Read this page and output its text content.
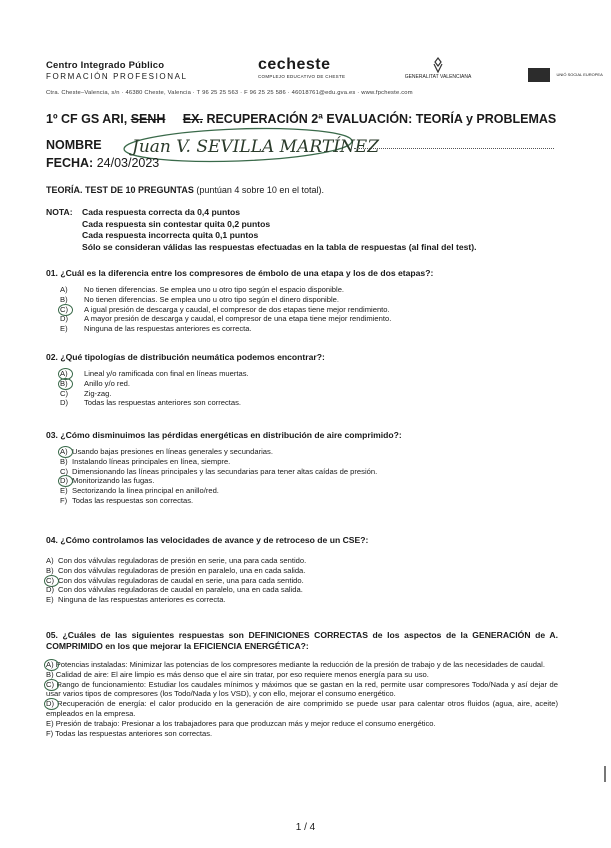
Centro Integrado Público
FORMACIÓN PROFESIONAL
cecheste
COMPLEJO EDUCATIVO DE CHESTE	GENERALITAT VALENCIANA	UNIÓ SOCIAL EUROPEA
Ctra. Cheste–Valencia, s/n · 46380 Cheste, Valencia · T 96 25 25 563 · F 96 25 25 586 · 46018761@edu.gva.es · www.fpcheste.com
1º CF GS ARI, SENH EX. RECUPERACIÓN 2ª EVALUACIÓN: TEORÍA y PROBLEMAS
NOMBRE Juan V. SEVILLA MARTÍNEZ
FECHA: 24/03/2023
TEORÍA. TEST DE 10 PREGUNTAS (puntúan 4 sobre 10 en el total).
NOTA: Cada respuesta correcta da 0,4 puntos
Cada respuesta sin contestar quita 0,2 puntos
Cada respuesta incorrecta quita 0,1 puntos
Sólo se consideran válidas las respuestas efectuadas en la tabla de respuestas (al final del test).
01. ¿Cuál es la diferencia entre los compresores de émbolo de una etapa y los de dos etapas?:
A)	No tienen diferencias. Se emplea uno u otro tipo según el espacio disponible.
B)	No tienen diferencias. Se emplea uno u otro tipo según el dinero disponible.
C)	A igual presión de descarga y caudal, el compresor de dos etapas tiene mejor rendimiento.
D)	A mayor presión de descarga y caudal, el compresor de una etapa tiene mejor rendimiento.
E)	Ninguna de las respuestas anteriores es correcta.
02. ¿Qué tipologías de distribución neumática podemos encontrar?:
A)	Lineal y/o ramificada con final en líneas muertas.
B)	Anillo y/o red.
C)	Zig-zag.
D)	Todas las respuestas anteriores son correctas.
03. ¿Cómo disminuimos las pérdidas energéticas en distribución de aire comprimido?:
A) Usando bajas presiones en líneas generales y secundarias.
B) Instalando líneas principales en línea, siempre.
C) Dimensionando las líneas principales y las secundarias para tener altas caídas de presión.
D) Monitorizando las fugas.
E) Sectorizando la línea principal en anillo/red.
F) Todas las respuestas son correctas.
04. ¿Cómo controlamos las velocidades de avance y de retroceso de un CSE?:
A) Con dos válvulas reguladoras de presión en serie, una para cada sentido.
B) Con dos válvulas reguladoras de presión en paralelo, una en cada salida.
C) Con dos válvulas reguladoras de caudal en serie, una para cada sentido.
D) Con dos válvulas reguladoras de caudal en paralelo, una en cada salida.
E) Ninguna de las respuestas anteriores es correcta.
05. ¿Cuáles de las siguientes respuestas son DEFINICIONES CORRECTAS de los aspectos de la GENERACIÓN de A. COMPRIMIDO en los que mejorar la EFICIENCIA ENERGÉTICA?:
A) Potencias instaladas: Minimizar las potencias de los compresores mediante la reducción de la presión de trabajo y de las necesidades de caudal.
B) Calidad de aire: El aire limpio es más denso que el aire sin tratar, por eso requiere menos energía para su uso.
C) Rango de funcionamiento: Estudiar los caudales mínimos y máximos que se gastan en la red, permite usar compresores Todo/Nada y así dejar de usar varios tipos de compresores (los Todo/Nada y los VSD), y con ello, mejorar el consumo energético.
D) Recuperación de energía: el calor producido en la generación de aire comprimido se puede usar para calentar otros fluidos (agua, aire, aceite) empleados en la empresa.
E) Presión de trabajo: Presionar a los trabajadores para que produzcan más y mejor reduce el consumo energético.
F) Todas las respuestas anteriores son correctas.
1 / 4
